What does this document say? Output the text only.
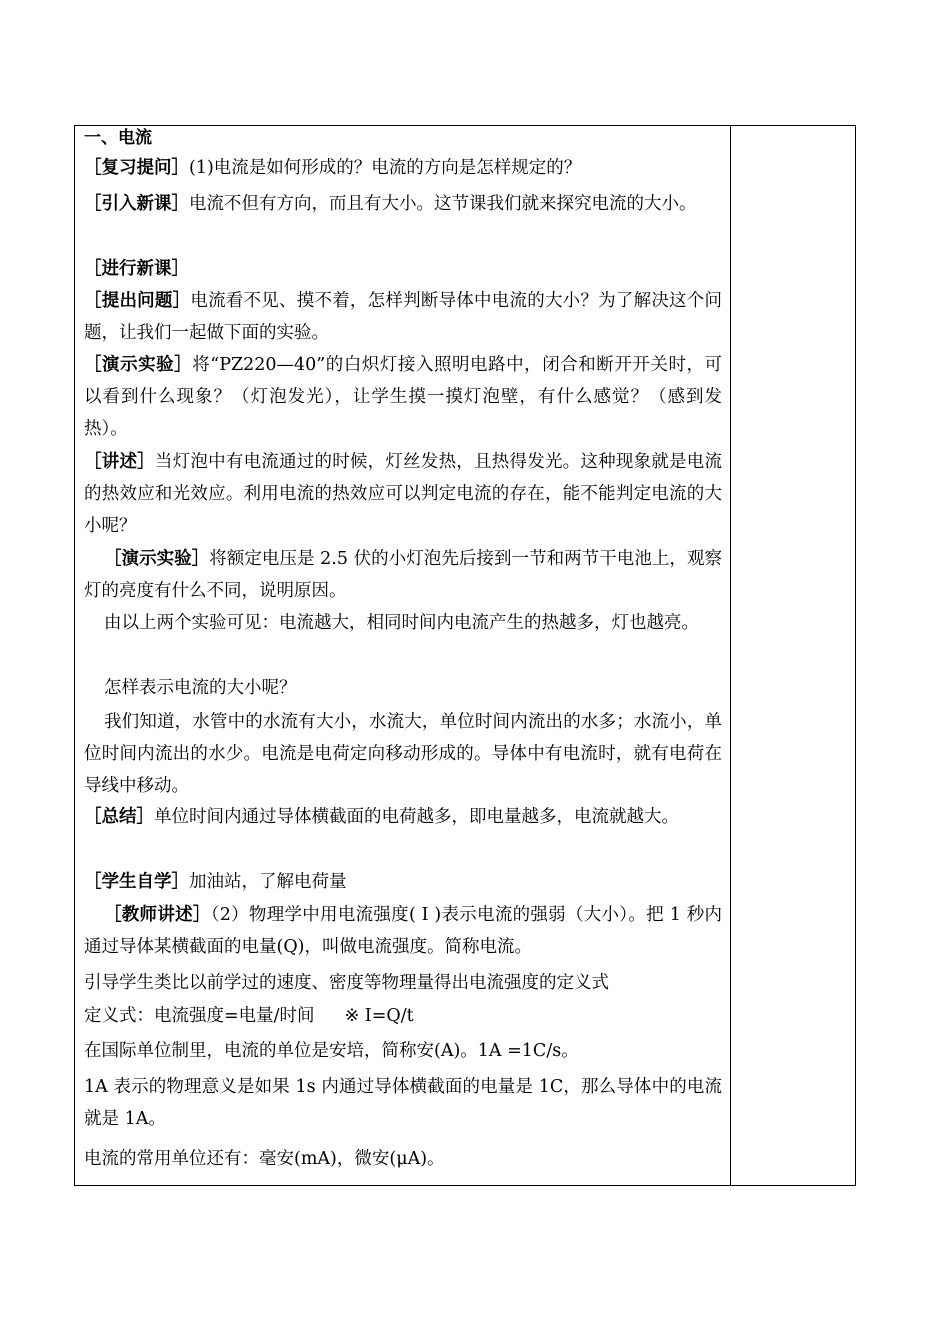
一、电流
［复习提问］(1)电流是如何形成的？电流的方向是怎样规定的？
［引入新课］电流不但有方向，而且有大小。这节课我们就来探究电流的大小。
［进行新课］
［提出问题］电流看不见、摸不着，怎样判断导体中电流的大小？为了解决这个问题，让我们一起做下面的实验。
［演示实验］将“PZ220—40”的白炽灯接入照明电路中，闭合和断开开关时，可以看到什么现象？（灯泡发光），让学生摸一摸灯泡壁，有什么感觉？（感到发热）。
［讲述］当灯泡中有电流通过的时候，灯丝发热，且热得发光。这种现象就是电流的热效应和光效应。利用电流的热效应可以判定电流的存在，能不能判定电流的大小呢？
［演示实验］将额定电压是 2.5 伏的小灯泡先后接到一节和两节干电池上，观察灯的亮度有什么不同，说明原因。
由以上两个实验可见：电流越大，相同时间内电流产生的热越多，灯也越亮。
怎样表示电流的大小呢？
我们知道，水管中的水流有大小，水流大，单位时间内流出的水多；水流小，单位时间内流出的水少。电流是电荷定向移动形成的。导体中有电流时，就有电荷在导线中移动。
［总结］单位时间内通过导体横截面的电荷越多，即电量越多，电流就越大。
［学生自学］加油站，了解电荷量
［教师讲述］（2）物理学中用电流强度( I )表示电流的强弱（大小）。把 1 秒内通过导体某横截面的电量(Q)，叫做电流强度。简称电流。
引导学生类比以前学过的速度、密度等物理量得出电流强度的定义式
定义式：电流强度=电量/时间 ※ I=Q/t
在国际单位制里，电流的单位是安培，简称安(A)。1A =1C/s。
1A 表示的物理意义是如果 1s 内通过导体横截面的电量是 1C，那么导体中的电流就是 1A。
电流的常用单位还有：毫安(mA)，微安(μA)。
